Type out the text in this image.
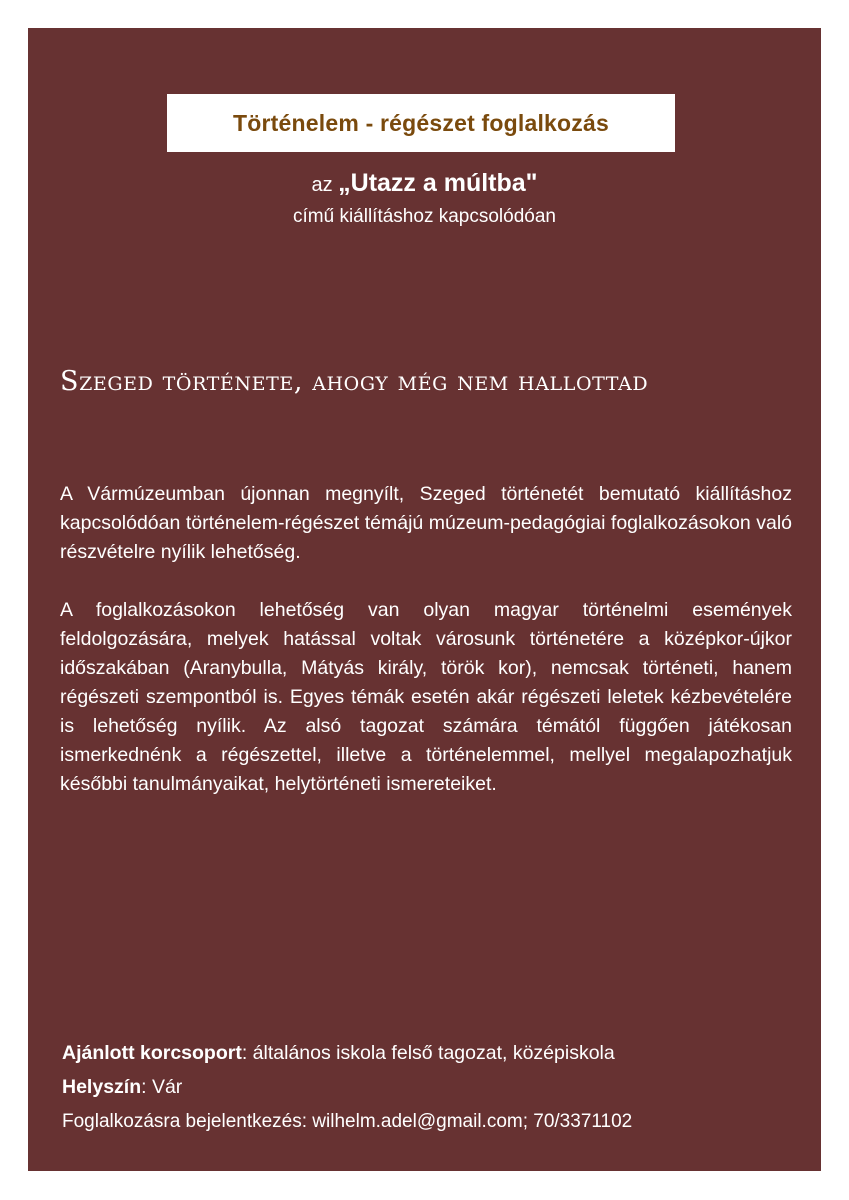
Történelem - régészet foglalkozás
az „Utazz a múltba"
című kiállításhoz kapcsolódóan
Szeged története, ahogy még nem hallottad

A Vármúzeumban újonnan megnyílt, Szeged történetét bemutató kiállításhoz kapcsolódóan történelem-régészet témájú múzeum-pedagógiai foglalkozásokon való részvételre nyílik lehetőség.

A foglalkozásokon lehetőség van olyan magyar történelmi események feldolgozására, melyek hatással voltak városunk történetére a középkor-újkor időszakában (Aranybulla, Mátyás király, török kor), nemcsak történeti, hanem régészeti szempontból is. Egyes témák esetén akár régészeti leletek kézbevételére is lehetőség nyílik. Az alsó tagozat számára témától függően játékosan ismerkednénk a régészettel, illetve a történelemmel, mellyel megalapozhatjuk későbbi tanulmányaikat, helytörténeti ismereteiket.

Ajánlott korcsoport: általános iskola felső tagozat, középiskola
Helyszín: Vár
Foglalkozásra bejelentkezés: wilhelm.adel@gmail.com; 70/3371102
